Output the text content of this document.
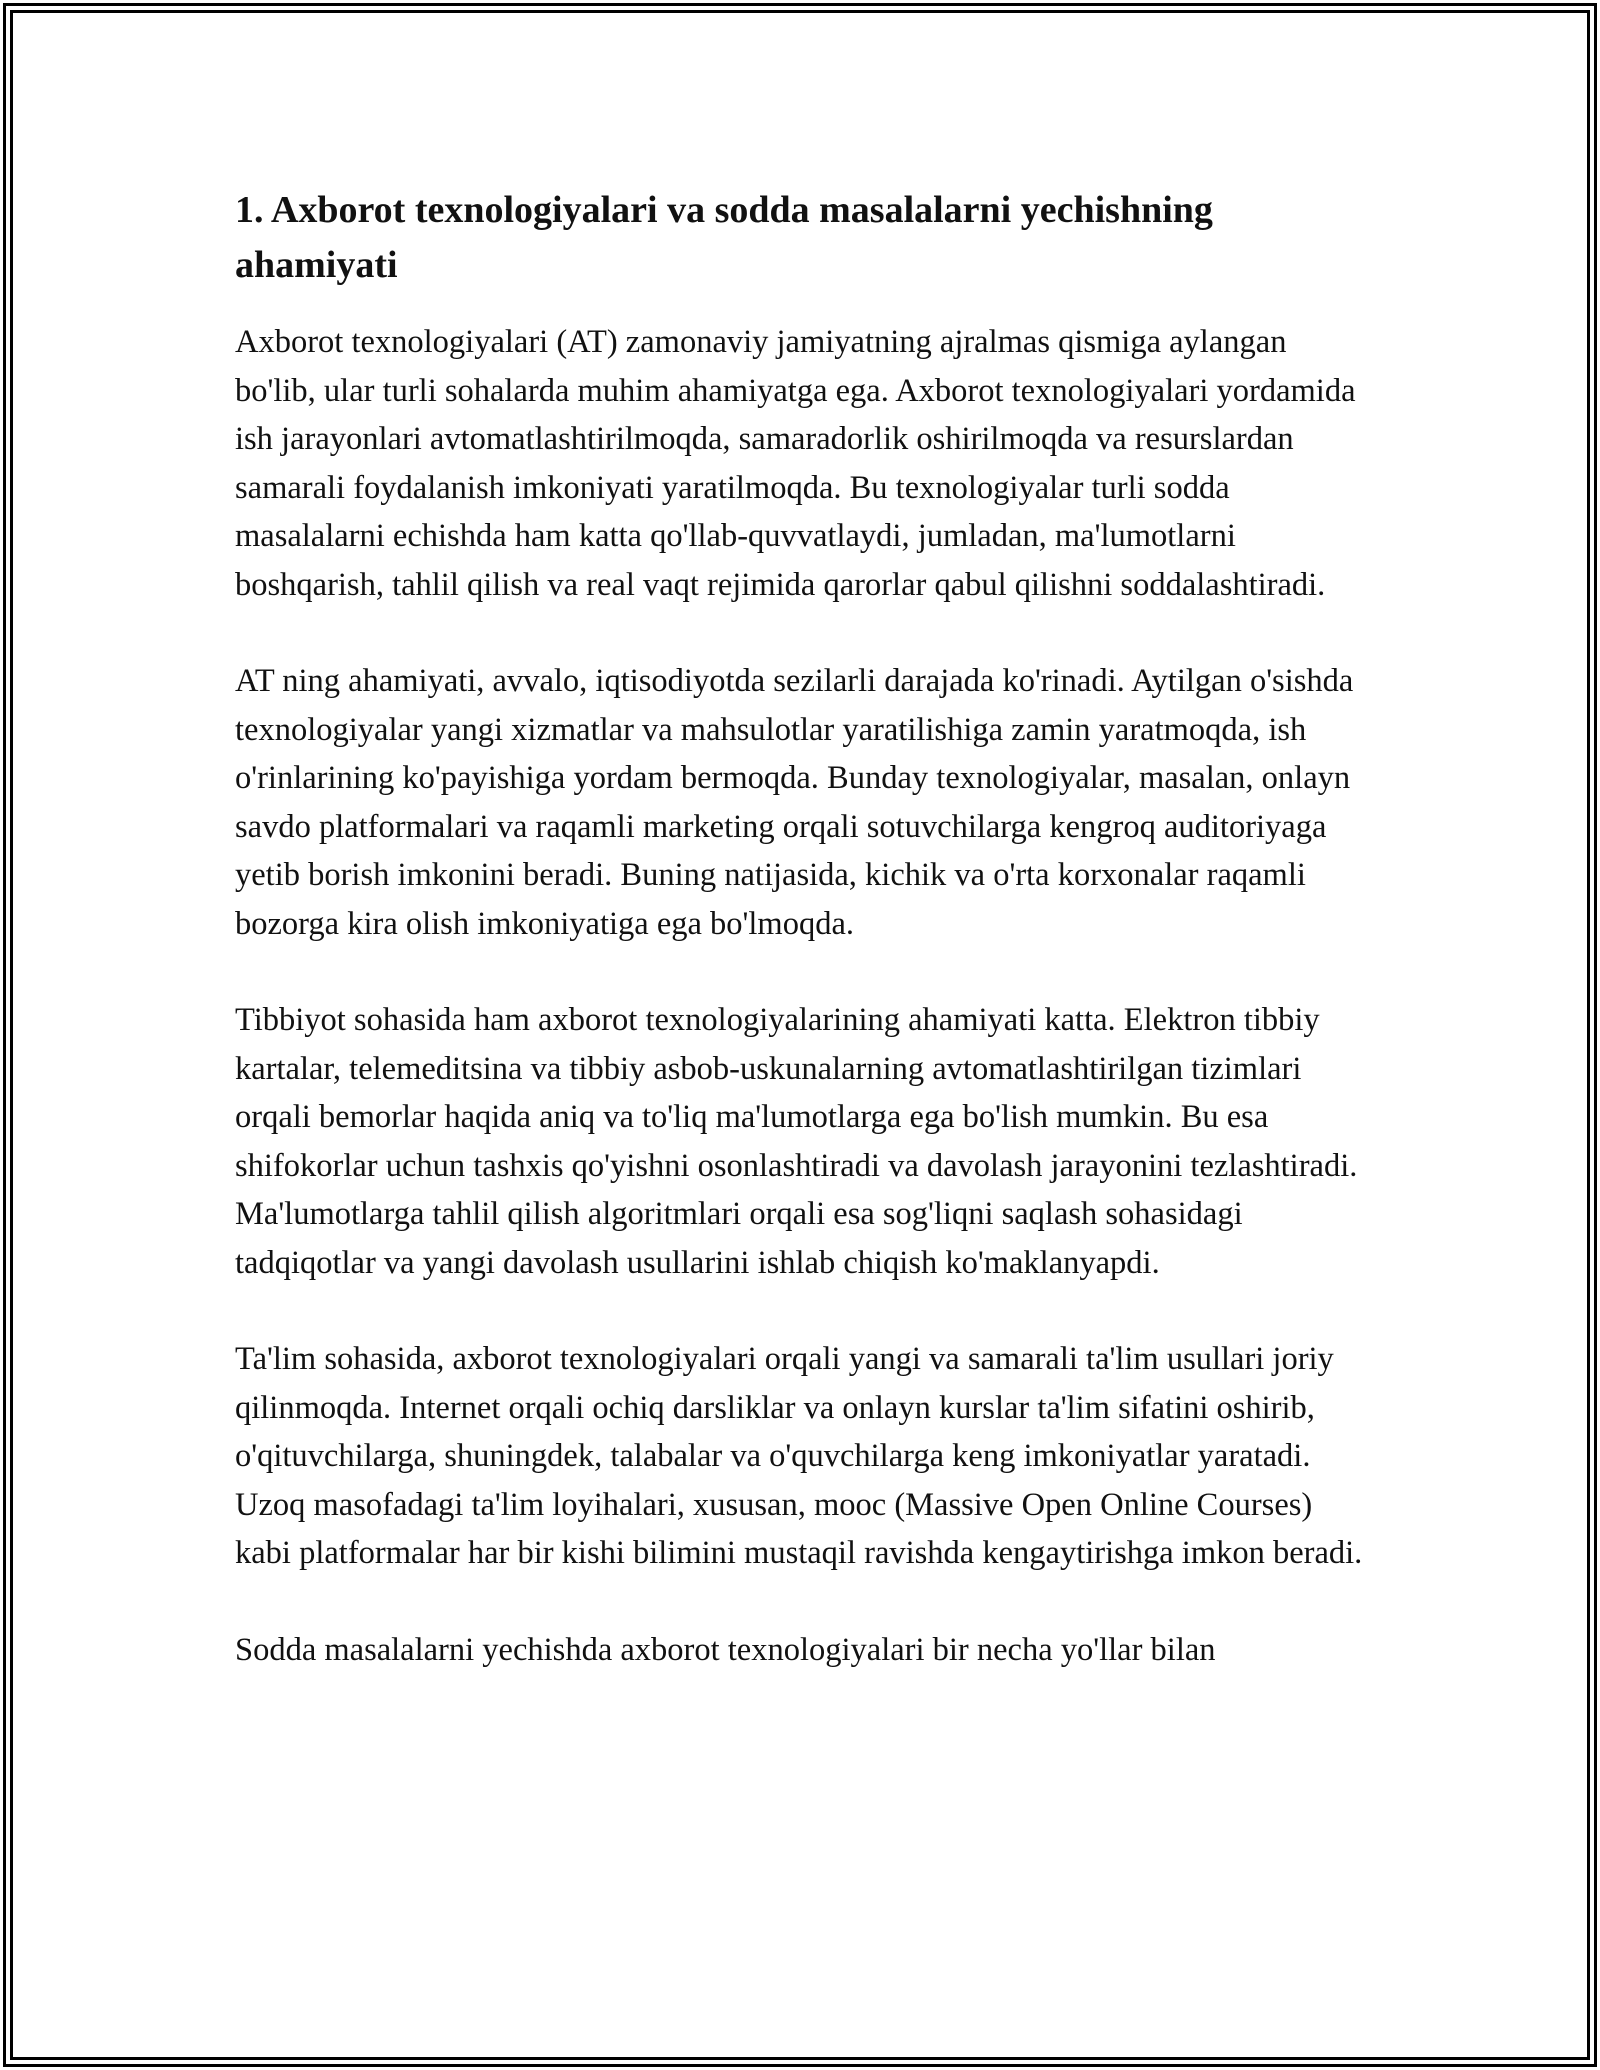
1. Axborot texnologiyalari va sodda masalalarni yechishning ahamiyati

Axborot texnologiyalari (AT) zamonaviy jamiyatning ajralmas qismiga aylangan bo'lib, ular turli sohalarda muhim ahamiyatga ega. Axborot texnologiyalari yordamida ish jarayonlari avtomatlashtirilmoqda, samaradorlik oshirilmoqda va resurslardan samarali foydalanish imkoniyati yaratilmoqda. Bu texnologiyalar turli sodda masalalarni echishda ham katta qo'llab-quvvatlaydi, jumladan, ma'lumotlarni boshqarish, tahlil qilish va real vaqt rejimida qarorlar qabul qilishni soddalashtiradi.

AT ning ahamiyati, avvalo, iqtisodiyotda sezilarli darajada ko'rinadi. Aytilgan o'sishda texnologiyalar yangi xizmatlar va mahsulotlar yaratilishiga zamin yaratmoqda, ish o'rinlarining ko'payishiga yordam bermoqda. Bunday texnologiyalar, masalan, onlayn savdo platformalari va raqamli marketing orqali sotuvchilarga kengroq auditoriyaga yetib borish imkonini beradi. Buning natijasida, kichik va o'rta korxonalar raqamli bozorga kira olish imkoniyatiga ega bo'lmoqda.

Tibbiyot sohasida ham axborot texnologiyalarining ahamiyati katta. Elektron tibbiy kartalar, telemeditsina va tibbiy asbob-uskunalarning avtomatlashtirilgan tizimlari orqali bemorlar haqida aniq va to'liq ma'lumotlarga ega bo'lish mumkin. Bu esa shifokorlar uchun tashxis qo'yishni osonlashtiradi va davolash jarayonini tezlashtiradi. Ma'lumotlarga tahlil qilish algoritmlari orqali esa sog'liqni saqlash sohasidagi tadqiqotlar va yangi davolash usullarini ishlab chiqish ko'maklanyapdi.

Ta'lim sohasida, axborot texnologiyalari orqali yangi va samarali ta'lim usullari joriy qilinmoqda. Internet orqali ochiq darsliklar va onlayn kurslar ta'lim sifatini oshirib, o'qituvchilarga, shuningdek, talabalar va o'quvchilarga keng imkoniyatlar yaratadi. Uzoq masofadagi ta'lim loyihalari, xususan, mooc (Massive Open Online Courses) kabi platformalar har bir kishi bilimini mustaqil ravishda kengaytirishga imkon beradi.

Sodda masalalarni yechishda axborot texnologiyalari bir necha yo'llar bilan
